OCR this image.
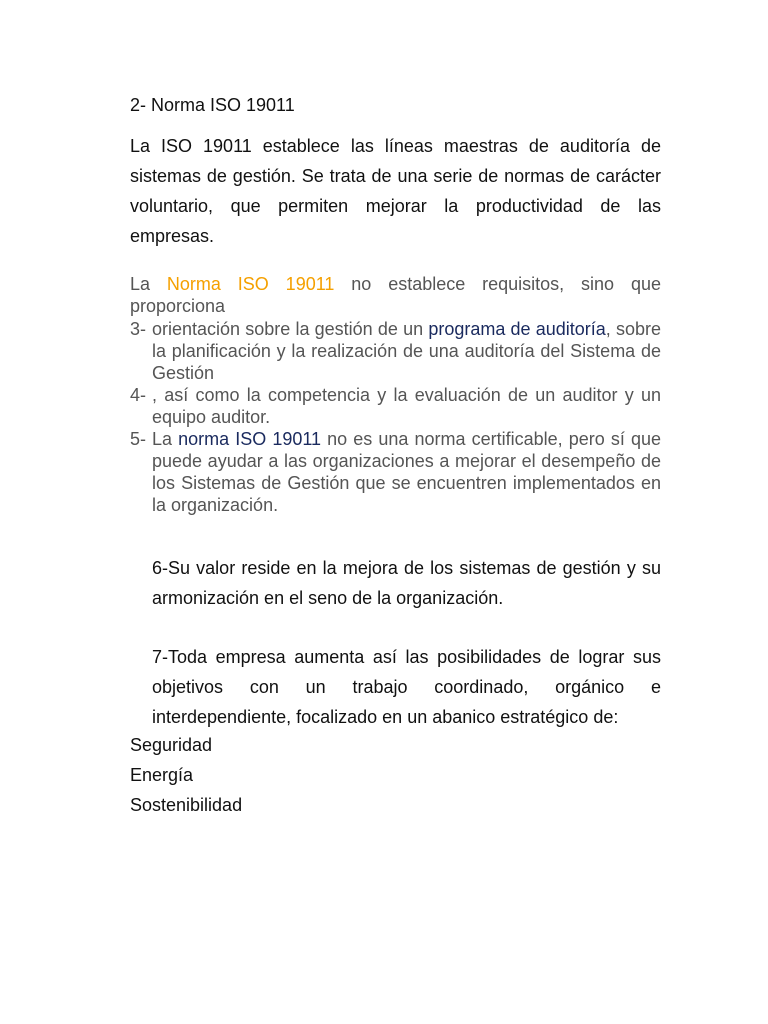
2- Norma ISO 19011

La ISO 19011 establece las líneas maestras de auditoría de sistemas de gestión. Se trata de una serie de normas de carácter voluntario, que permiten mejorar la productividad de las empresas.

La Norma ISO 19011 no establece requisitos, sino que
proporciona

3- orientación sobre la gestión de un programa de auditoría, sobre la planificación y la realización de una auditoría del Sistema de Gestión
4- , así como la competencia y la evaluación de un auditor y un equipo auditor.
5- La norma ISO 19011 no es una norma certificable, pero sí que puede ayudar a las organizaciones a mejorar el desempeño de los Sistemas de Gestión que se encuentren implementados en la organización.

6-Su valor reside en la mejora de los sistemas de gestión y su armonización en el seno de la organización.

7-Toda empresa aumenta así las posibilidades de lograr sus objetivos con un trabajo coordinado, orgánico e
interdependiente, focalizado en un abanico estratégico de:

Seguridad
Energía
Sostenibilidad
